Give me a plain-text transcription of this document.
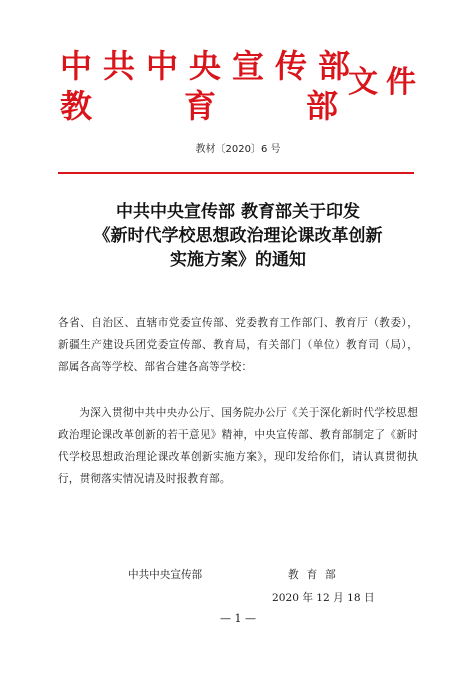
中共中央宣传部
教	育	部
文件
教材〔2020〕6 号
中共中央宣传部 教育部关于印发
《新时代学校思想政治理论课改革创新
实施方案》的通知
各省、自治区、直辖市党委宣传部、党委教育工作部门、教育厅（教委），新疆生产建设兵团党委宣传部、教育局，有关部门（单位）教育司（局），部属各高等学校、部省合建各高等学校：
为深入贯彻中共中央办公厅、国务院办公厅《关于深化新时代学校思想政治理论课改革创新的若干意见》精神，中央宣传部、教育部制定了《新时代学校思想政治理论课改革创新实施方案》，现印发给你们，请认真贯彻执行，贯彻落实情况请及时报教育部。
中共中央宣传部	教育部
2020 年 12 月 18 日
— 1 —
